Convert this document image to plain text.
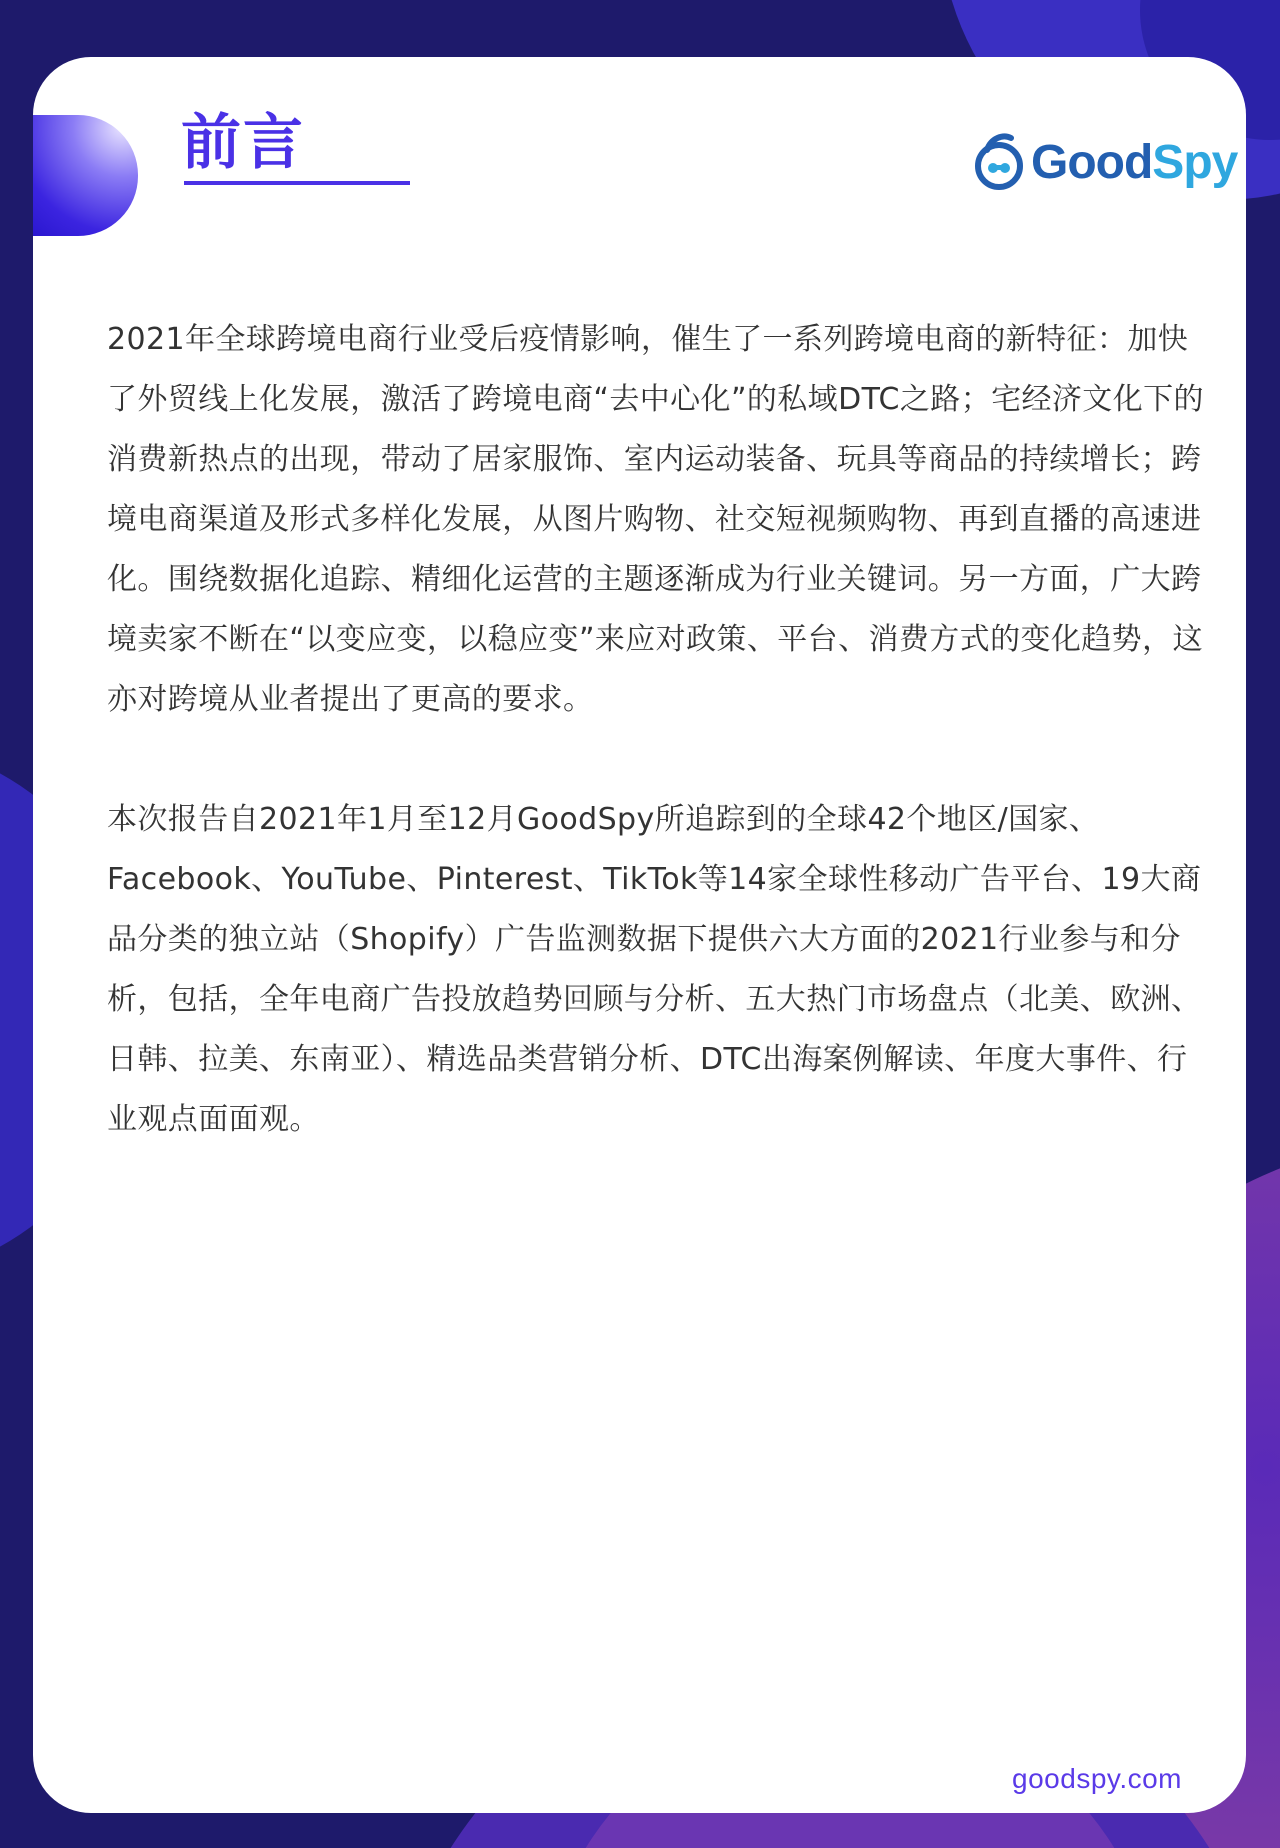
前言	GoodSpy

2021年全球跨境电商行业受后疫情影响，催生了一系列跨境电商的新特征：加快了外贸线上化发展，激活了跨境电商“去中心化”的私域DTC之路；宅经济文化下的消费新热点的出现，带动了居家服饰、室内运动装备、玩具等商品的持续增长；跨境电商渠道及形式多样化发展，从图片购物、社交短视频购物、再到直播的高速进化。围绕数据化追踪、精细化运营的主题逐渐成为行业关键词。另一方面，广大跨境卖家不断在“以变应变，以稳应变”来应对政策、平台、消费方式的变化趋势，这亦对跨境从业者提出了更高的要求。

本次报告自2021年1月至12月GoodSpy所追踪到的全球42个地区/国家、Facebook、YouTube、Pinterest、TikTok等14家全球性移动广告平台、19大商品分类的独立站（Shopify）广告监测数据下提供六大方面的2021行业参与和分析，包括，全年电商广告投放趋势回顾与分析、五大热门市场盘点（北美、欧洲、日韩、拉美、东南亚）、精选品类营销分析、DTC出海案例解读、年度大事件、行业观点面面观。

goodspy.com
